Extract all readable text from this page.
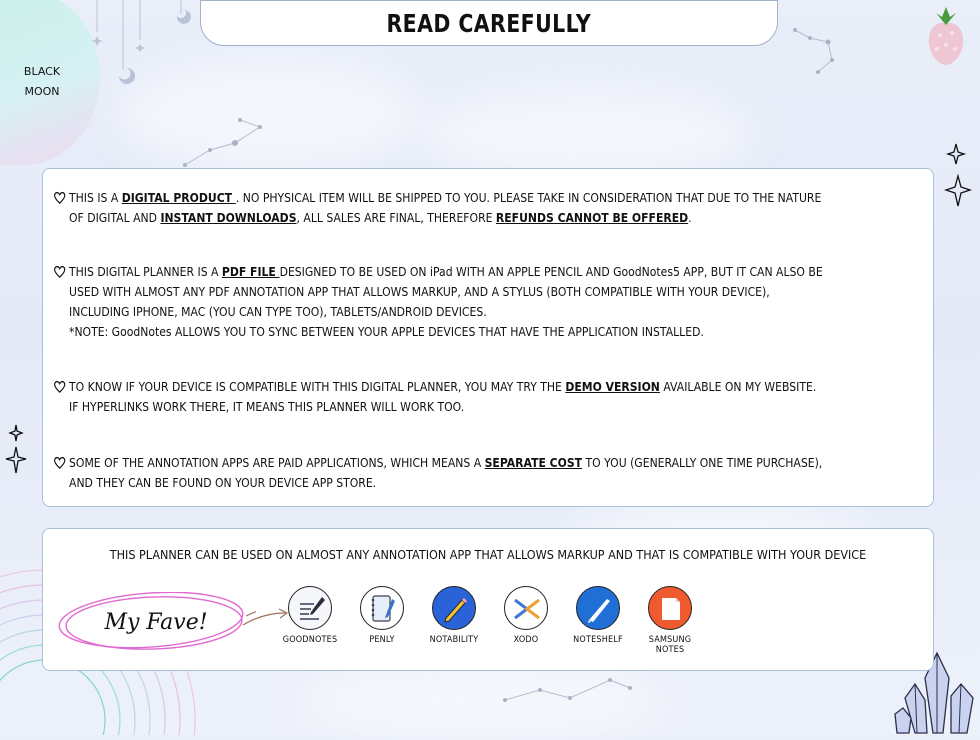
BLACK
MOON
READ CAREFULLY
THIS IS A DIGITAL PRODUCT . NO PHYSICAL ITEM WILL BE SHIPPED TO YOU. PLEASE TAKE IN CONSIDERATION THAT DUE TO THE NATURE OF DIGITAL AND INSTANT DOWNLOADS, ALL SALES ARE FINAL, THEREFORE REFUNDS CANNOT BE OFFERED.
THIS DIGITAL PLANNER IS A PDF FILE DESIGNED TO BE USED ON iPad WITH AN APPLE PENCIL AND GoodNotes5 APP, BUT IT CAN ALSO BE USED WITH ALMOST ANY PDF ANNOTATION APP THAT ALLOWS MARKUP, AND A STYLUS (BOTH COMPATIBLE WITH YOUR DEVICE), INCLUDING IPHONE, MAC (YOU CAN TYPE TOO), TABLETS/ANDROID DEVICES.
*NOTE: GoodNotes ALLOWS YOU TO SYNC BETWEEN YOUR APPLE DEVICES THAT HAVE THE APPLICATION INSTALLED.
TO KNOW IF YOUR DEVICE IS COMPATIBLE WITH THIS DIGITAL PLANNER, YOU MAY TRY THE DEMO VERSION AVAILABLE ON MY WEBSITE. IF HYPERLINKS WORK THERE, IT MEANS THIS PLANNER WILL WORK TOO.
SOME OF THE ANNOTATION APPS ARE PAID APPLICATIONS, WHICH MEANS A SEPARATE COST TO YOU (GENERALLY ONE TIME PURCHASE), AND THEY CAN BE FOUND ON YOUR DEVICE APP STORE.
THIS PLANNER CAN BE USED ON ALMOST ANY ANNOTATION APP THAT ALLOWS MARKUP AND THAT IS COMPATIBLE WITH YOUR DEVICE
My Fave!
GOODNOTES	PENLY	NOTABILITY	XODO	NOTESHELF	SAMSUNG NOTES
